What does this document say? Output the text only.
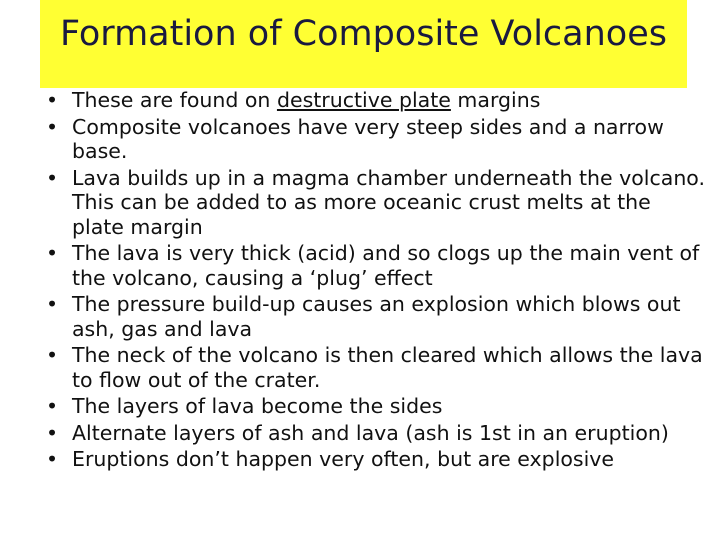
Formation of Composite Volcanoes
• These are found on destructive plate margins
• Composite volcanoes have very steep sides and a narrow base.
• Lava builds up in a magma chamber underneath the volcano. This can be added to as more oceanic crust melts at the plate margin
• The lava is very thick (acid) and so clogs up the main vent of the volcano, causing a ‘plug’ effect
• The pressure build-up causes an explosion which blows out ash, gas and lava
• The neck of the volcano is then cleared which allows the lava to flow out of the crater.
• The layers of lava become the sides
• Alternate layers of ash and lava (ash is 1st in an eruption)
• Eruptions don’t happen very often, but are explosive
